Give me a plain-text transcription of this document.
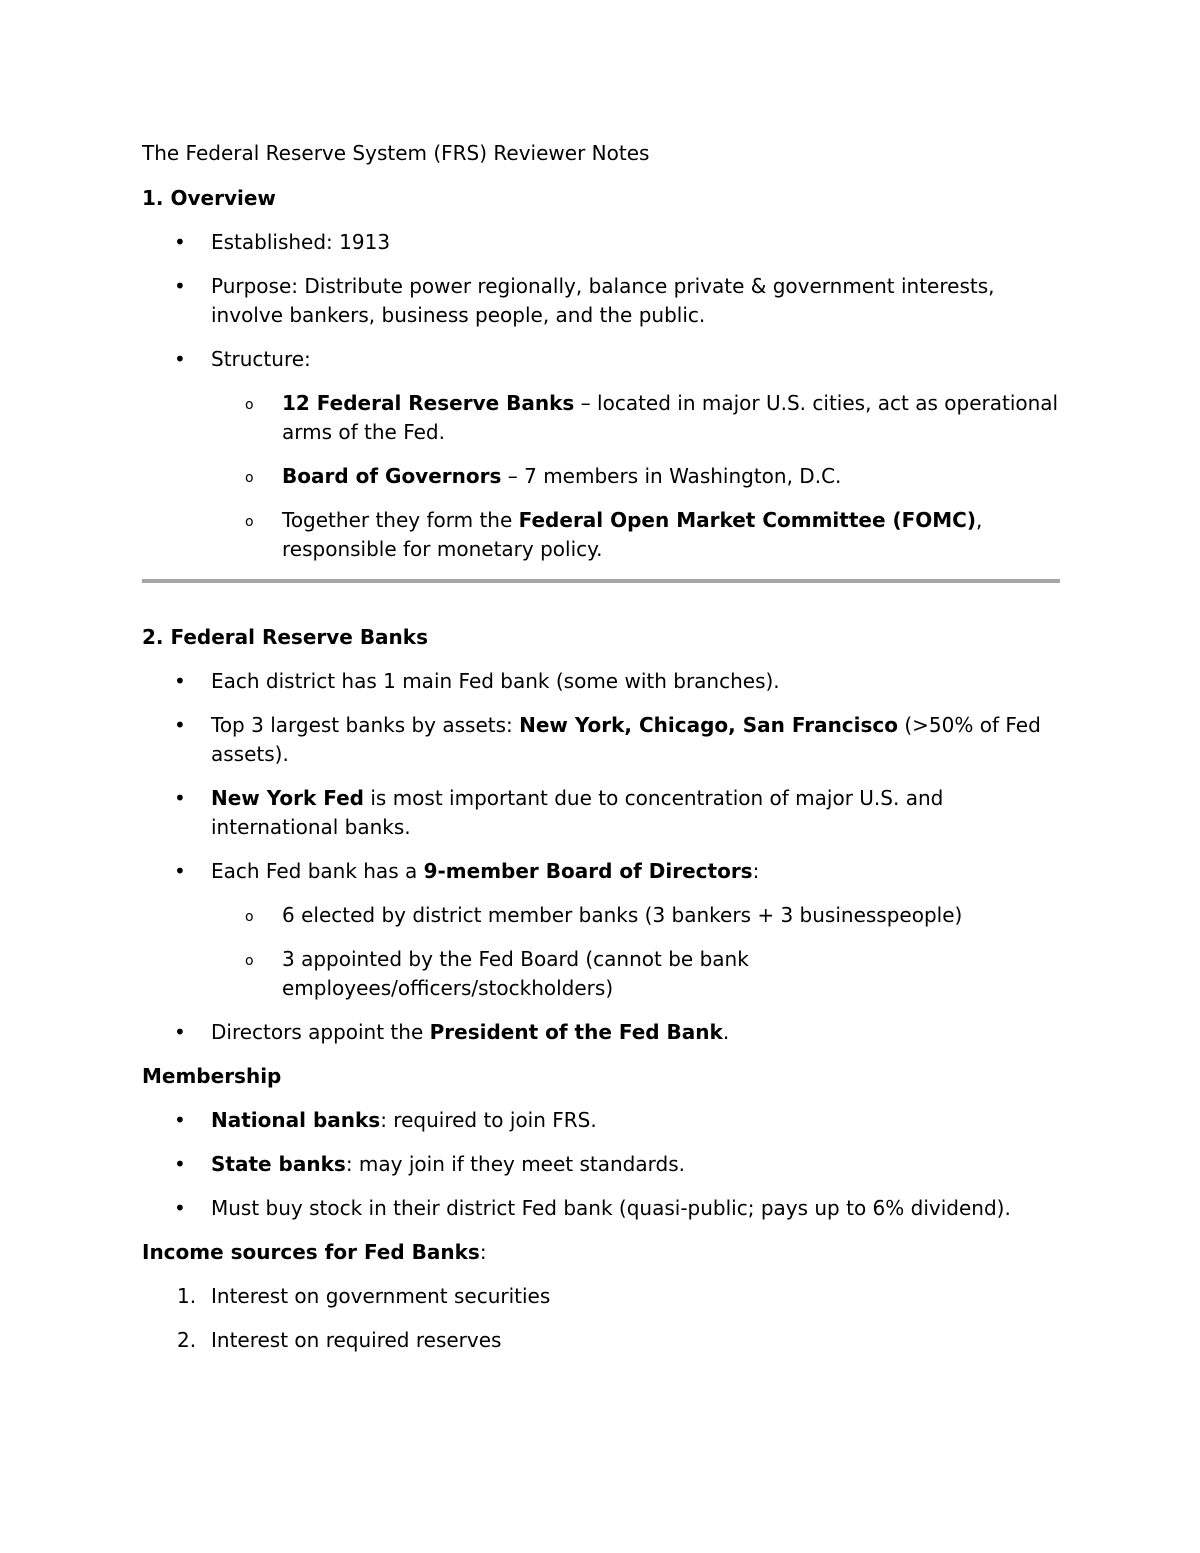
The Federal Reserve System (FRS) Reviewer Notes

1. Overview

• Established: 1913
• Purpose: Distribute power regionally, balance private & government interests, involve bankers, business people, and the public.
• Structure:
o 12 Federal Reserve Banks – located in major U.S. cities, act as operational arms of the Fed.
o Board of Governors – 7 members in Washington, D.C.
o Together they form the Federal Open Market Committee (FOMC), responsible for monetary policy.

2. Federal Reserve Banks

• Each district has 1 main Fed bank (some with branches).
• Top 3 largest banks by assets: New York, Chicago, San Francisco (>50% of Fed assets).
• New York Fed is most important due to concentration of major U.S. and international banks.
• Each Fed bank has a 9-member Board of Directors:
o 6 elected by district member banks (3 bankers + 3 businesspeople)
o 3 appointed by the Fed Board (cannot be bank employees/officers/stockholders)
• Directors appoint the President of the Fed Bank.

Membership

• National banks: required to join FRS.
• State banks: may join if they meet standards.
• Must buy stock in their district Fed bank (quasi-public; pays up to 6% dividend).

Income sources for Fed Banks:

1. Interest on government securities
2. Interest on required reserves
